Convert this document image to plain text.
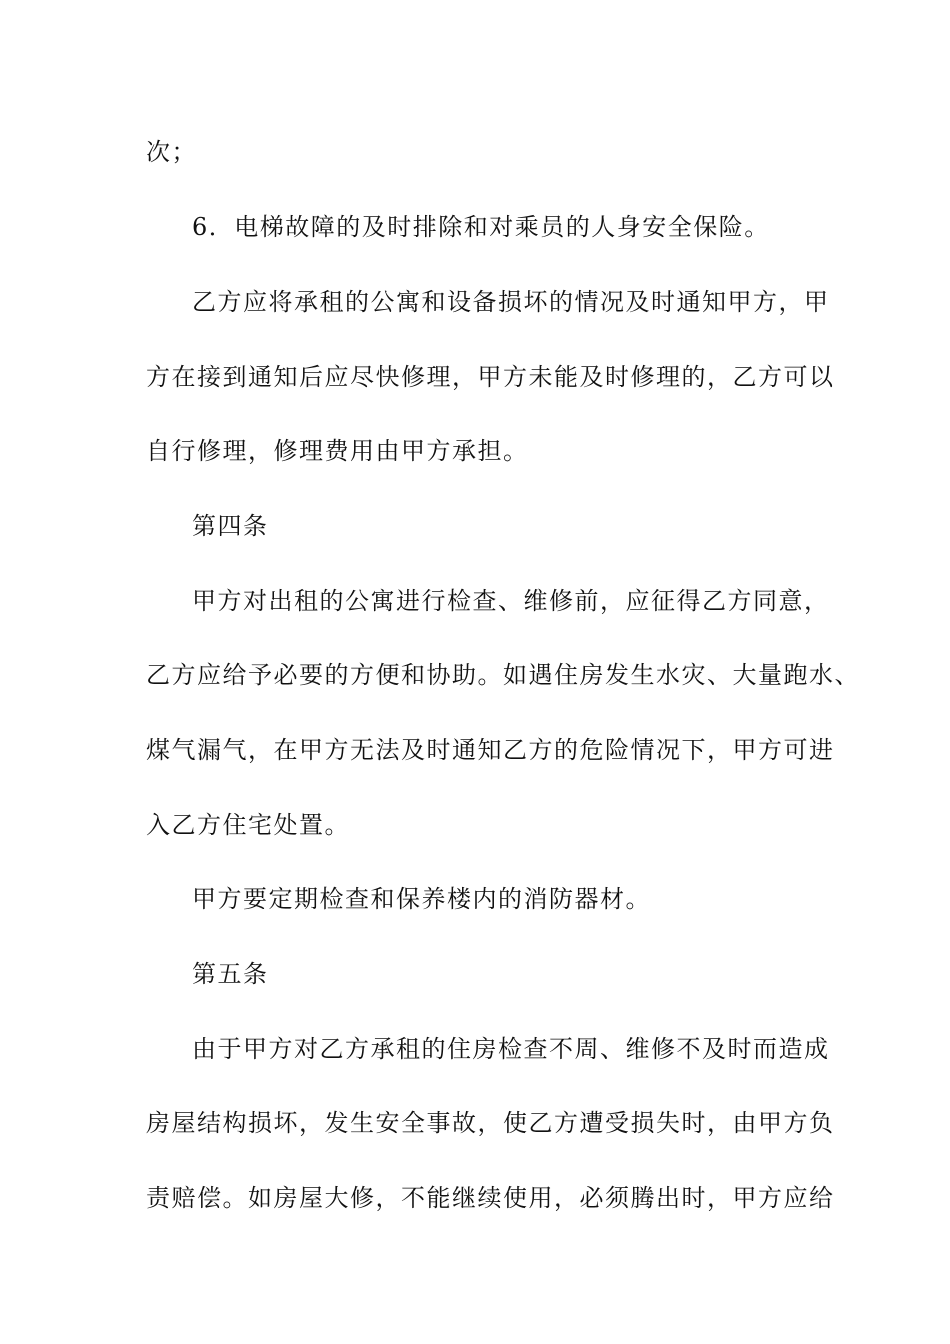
次；
6．电梯故障的及时排除和对乘员的人身安全保险。
乙方应将承租的公寓和设备损坏的情况及时通知甲方，甲
方在接到通知后应尽快修理，甲方未能及时修理的，乙方可以
自行修理，修理费用由甲方承担。
第四条
甲方对出租的公寓进行检查、维修前，应征得乙方同意，
乙方应给予必要的方便和协助。如遇住房发生水灾、大量跑水、
煤气漏气，在甲方无法及时通知乙方的危险情况下，甲方可进
入乙方住宅处置。
甲方要定期检查和保养楼内的消防器材。
第五条
由于甲方对乙方承租的住房检查不周、维修不及时而造成
房屋结构损坏，发生安全事故，使乙方遭受损失时，由甲方负
责赔偿。如房屋大修，不能继续使用，必须腾出时，甲方应给
